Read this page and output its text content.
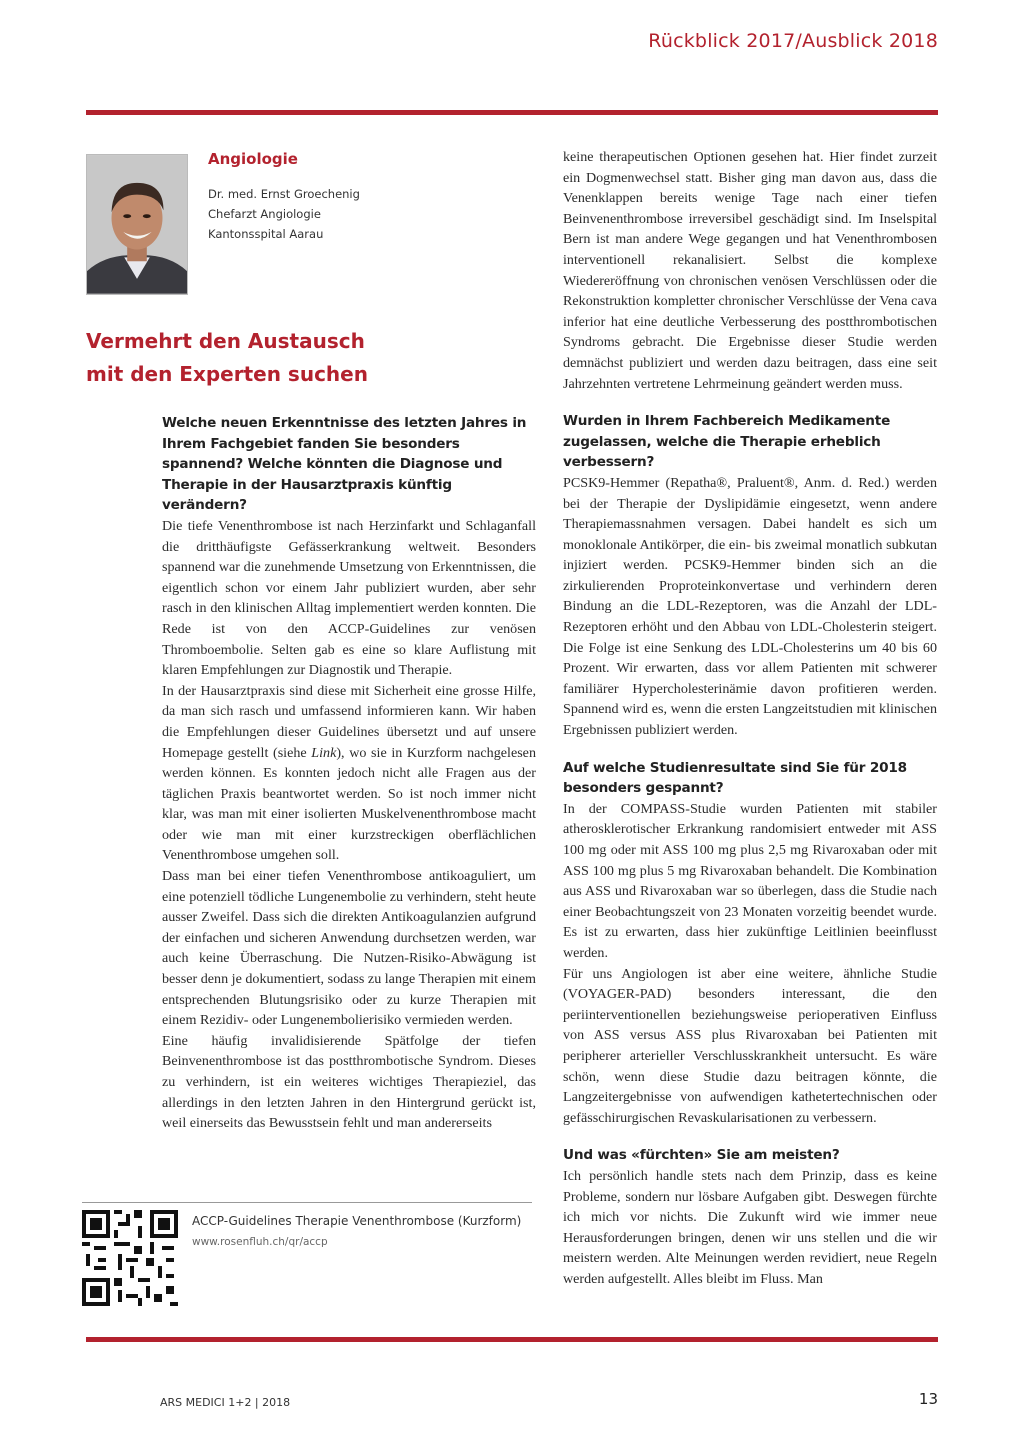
Rückblick 2017/Ausblick 2018
Angiologie
Dr. med. Ernst Groechenig
Chefarzt Angiologie
Kantonsspital Aarau
Vermehrt den Austausch
mit den Experten suchen
Welche neuen Erkenntnisse des letzten Jahres in Ihrem Fachgebiet fanden Sie besonders spannend? Welche könnten die Diagnose und Therapie in der Hausarztpraxis künftig verändern?

Die tiefe Venenthrombose ist nach Herzinfarkt und Schlaganfall die dritthäufigste Gefässerkrankung weltweit. Besonders spannend war die zunehmende Umsetzung von Erkenntnissen, die eigentlich schon vor einem Jahr publiziert wurden, aber sehr rasch in den klinischen Alltag implementiert werden konnten. Die Rede ist von den ACCP-Guidelines zur venösen Thromboembolie. Selten gab es eine so klare Auflistung mit klaren Empfehlungen zur Diagnostik und Therapie.

In der Hausarztpraxis sind diese mit Sicherheit eine grosse Hilfe, da man sich rasch und umfassend informieren kann. Wir haben die Empfehlungen dieser Guidelines übersetzt und auf unsere Homepage gestellt (siehe Link), wo sie in Kurzform nachgelesen werden können. Es konnten jedoch nicht alle Fragen aus der täglichen Praxis beantwortet werden. So ist noch immer nicht klar, was man mit einer isolierten Muskelvenenthrombose macht oder wie man mit einer kurzstreckigen oberflächlichen Venenthrombose umgehen soll.

Dass man bei einer tiefen Venenthrombose antikoaguliert, um eine potenziell tödliche Lungenembolie zu verhindern, steht heute ausser Zweifel. Dass sich die direkten Antikoagulanzien aufgrund der einfachen und sicheren Anwendung durchsetzen werden, war auch keine Überraschung. Die Nutzen-Risiko-Abwägung ist besser denn je dokumentiert, sodass zu lange Therapien mit einem entsprechenden Blutungsrisiko oder zu kurze Therapien mit einem Rezidiv- oder Lungenembolierisiko vermieden werden.

Eine häufig invalidisierende Spätfolge der tiefen Beinvenenthrombose ist das postthrombotische Syndrom. Dieses zu verhindern, ist ein weiteres wichtiges Therapieziel, das allerdings in den letzten Jahren in den Hintergrund gerückt ist, weil einerseits das Bewusstsein fehlt und man andererseits

keine therapeutischen Optionen gesehen hat. Hier findet zurzeit ein Dogmenwechsel statt. Bisher ging man davon aus, dass die Venenklappen bereits wenige Tage nach einer tiefen Beinvenenthrombose irreversibel geschädigt sind. Im Inselspital Bern ist man andere Wege gegangen und hat Venenthrombosen interventionell rekanalisiert. Selbst die komplexe Wiedereröffnung von chronischen venösen Verschlüssen oder die Rekonstruktion kompletter chronischer Verschlüsse der Vena cava inferior hat eine deutliche Verbesserung des postthrombotischen Syndroms gebracht. Die Ergebnisse dieser Studie werden demnächst publiziert und werden dazu beitragen, dass eine seit Jahrzehnten vertretene Lehrmeinung geändert werden muss.

Wurden in Ihrem Fachbereich Medikamente zugelassen, welche die Therapie erheblich verbessern?

PCSK9-Hemmer (Repatha®, Praluent®, Anm. d. Red.) werden bei der Therapie der Dyslipidämie eingesetzt, wenn andere Therapiemassnahmen versagen. Dabei handelt es sich um monoklonale Antikörper, die ein- bis zweimal monatlich subkutan injiziert werden. PCSK9-Hemmer binden sich an die zirkulierenden Proproteinkonvertase und verhindern deren Bindung an die LDL-Rezeptoren, was die Anzahl der LDL-Rezeptoren erhöht und den Abbau von LDL-Cholesterin steigert. Die Folge ist eine Senkung des LDL-Cholesterins um 40 bis 60 Prozent. Wir erwarten, dass vor allem Patienten mit schwerer familiärer Hypercholesterinämie davon profitieren werden. Spannend wird es, wenn die ersten Langzeitstudien mit klinischen Ergebnissen publiziert werden.

Auf welche Studienresultate sind Sie für 2018 besonders gespannt?

In der COMPASS-Studie wurden Patienten mit stabiler atherosklerotischer Erkrankung randomisiert entweder mit ASS 100 mg oder mit ASS 100 mg plus 2,5 mg Rivaroxaban oder mit ASS 100 mg plus 5 mg Rivaroxaban behandelt. Die Kombination aus ASS und Rivaroxaban war so überlegen, dass die Studie nach einer Beobachtungszeit von 23 Monaten vorzeitig beendet wurde. Es ist zu erwarten, dass hier zukünftige Leitlinien beeinflusst werden.

Für uns Angiologen ist aber eine weitere, ähnliche Studie (VOYAGER-PAD) besonders interessant, die den periinterventionellen beziehungsweise perioperativen Einfluss von ASS versus ASS plus Rivaroxaban bei Patienten mit peripherer arterieller Verschlusskrankheit untersucht. Es wäre schön, wenn diese Studie dazu beitragen könnte, die Langzeitergebnisse von aufwendigen kathetertechnischen oder gefässchirurgischen Revaskularisationen zu verbessern.

Und was «fürchten» Sie am meisten?

Ich persönlich handle stets nach dem Prinzip, dass es keine Probleme, sondern nur lösbare Aufgaben gibt. Deswegen fürchte ich mich vor nichts. Die Zukunft wird wie immer neue Herausforderungen bringen, denen wir uns stellen und die wir meistern werden. Alte Meinungen werden revidiert, neue Regeln werden aufgestellt. Alles bleibt im Fluss. Man

ACCP-Guidelines Therapie Venenthrombose (Kurzform)
www.rosenfluh.ch/qr/accp
ARS MEDICI 1+2 | 2018	13
